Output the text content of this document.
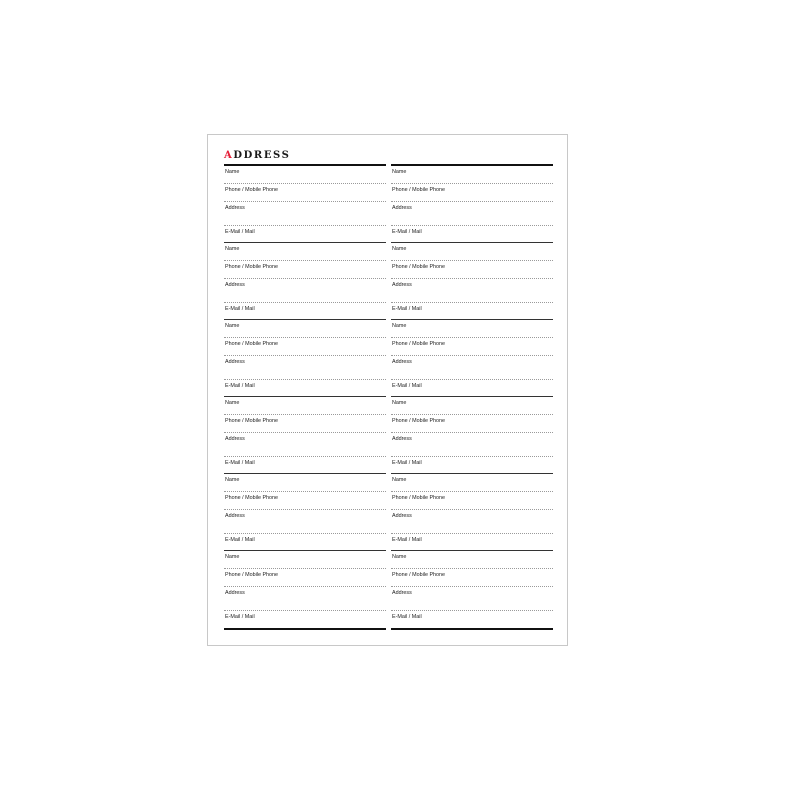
ADDRESS
Name
Phone / Mobile Phone
Address
E-Mail / Mail
Name
Phone / Mobile Phone
Address
E-Mail / Mail
Name
Phone / Mobile Phone
Address
E-Mail / Mail
Name
Phone / Mobile Phone
Address
E-Mail / Mail
Name
Phone / Mobile Phone
Address
E-Mail / Mail
Name
Phone / Mobile Phone
Address
E-Mail / Mail
Name
Phone / Mobile Phone
Address
E-Mail / Mail
Name
Phone / Mobile Phone
Address
E-Mail / Mail
Name
Phone / Mobile Phone
Address
E-Mail / Mail
Name
Phone / Mobile Phone
Address
E-Mail / Mail
Name
Phone / Mobile Phone
Address
E-Mail / Mail
Name
Phone / Mobile Phone
Address
E-Mail / Mail
